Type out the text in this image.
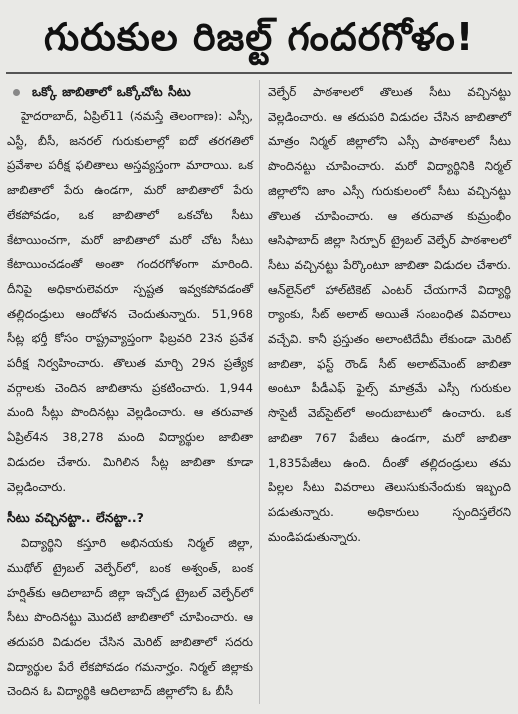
గురుకుల రిజల్ట్ గందరగోళం!
ఒక్కో జాబితాలో ఒక్కోచోట సీటు

హైదరాబాద్, ఏప్రిల్11 (నమస్తే తెలంగాణ): ఎస్సీ, ఎస్టీ, బీసీ, జనరల్ గురుకులాల్లో ఐదో తరగతిలో ప్రవేశాల పరీక్ష ఫలితాలు అస్తవ్యస్తంగా మారాయి. ఒక జాబితాలో పేరు ఉండగా, మరో జాబితాలో పేరు లేకపోవడం, ఒక జాబితాలో ఒకచోట సీటు కేటాయించగా, మరో జాబితాలో మరో చోట సీటు కేటాయించడంతో అంతా గందరగోళంగా మారింది. దీనిపై అధికారులెవరూ స్పష్టత ఇవ్వకపోవడంతో తల్లిదండ్రులు ఆందోళన చెందుతున్నారు. 51,968 సీట్ల భర్తీ కోసం రాష్ట్రవ్యాప్తంగా ఫిబ్రవరి 23న ప్రవేశ పరీక్ష నిర్వహించారు. తొలుత మార్చి 29న ప్రత్యేక వర్గాలకు చెందిన జాబితాను ప్రకటించారు. 1,944 మంది సీట్లు పొందినట్లు వెల్లడించారు. ఆ తరువాత ఏప్రిల్4న 38,278 మంది విద్యార్థుల జాబితా విడుదల చేశారు. మిగిలిన సీట్ల జాబితా కూడా వెల్లడించారు.

సీటు వచ్చినట్టా.. లేనట్టా..?

విద్యార్థిని కస్తూరి అభినయకు నిర్మల్ జిల్లా, ముథోల్ ట్రైబల్ వెల్ఫేర్‌లో, బంక అశ్వంత్, బంక హర్షిత్‌కు ఆదిలాబాద్ జిల్లా ఇచ్చోడ ట్రైబల్ వెల్ఫేర్‌లో సీటు పొందినట్టు మొదటి జాబితాలో చూపించారు. ఆ తదుపరి విడుదల చేసిన మెరిట్ జాబితాలో సదరు విద్యార్థుల పేరే లేకపోవడం గమనార్హం. నిర్మల్ జిల్లాకు చెందిన ఓ విద్యార్థికి ఆదిలాబాద్ జిల్లాలోని ఓ బీసీ

వెల్ఫేర్ పాఠశాలలో తొలుత సీటు వచ్చినట్టు వెల్లడించారు. ఆ తదుపరి విడుదల చేసిన జాబితాలో మాత్రం నిర్మల్ జిల్లాలోని ఎస్సీ పాఠశాలలో సీటు పొందినట్టు చూపించారు. మరో విద్యార్థినికి నిర్మల్ జిల్లాలోని జాం ఎస్సీ గురుకులంలో సీటు వచ్చినట్టు తొలుత చూపించారు. ఆ తరువాత కుమ్రంభీం ఆసిఫాబాద్ జిల్లా సిర్పూర్ ట్రైబల్ వెల్ఫేర్ పాఠశాలలో సీటు వచ్చినట్టు పేర్కొంటూ జాబితా విడుదల చేశారు. ఆన్‌లైన్‌లో హాల్‌టికెట్ ఎంటర్ చేయగానే విద్యార్థి ర్యాంకు, సీట్ అలాట్ అయితే సంబంధిత వివరాలు వచ్చేవి. కానీ ప్రస్తుతం అలాంటిదేమీ లేకుండా మెరిట్ జాబితా, ఫస్ట్ రౌండ్ సీట్ అలాట్‌మెంట్ జాబితా అంటూ పీడీఎఫ్ ఫైల్స్ మాత్రమే ఎస్సీ గురుకుల సొసైటీ వెబ్‌సైట్‌లో అందుబాటులో ఉంచారు. ఒక జాబితా 767 పేజీలు ఉండగా, మరో జాబితా 1,835పేజీలు ఉంది. దీంతో తల్లిదండ్రులు తమ పిల్లల సీటు వివరాలు తెలుసుకునేందుకు ఇబ్బంది పడుతున్నారు. అధికారులు స్పందిస్తలేరని మండిపడుతున్నారు.
